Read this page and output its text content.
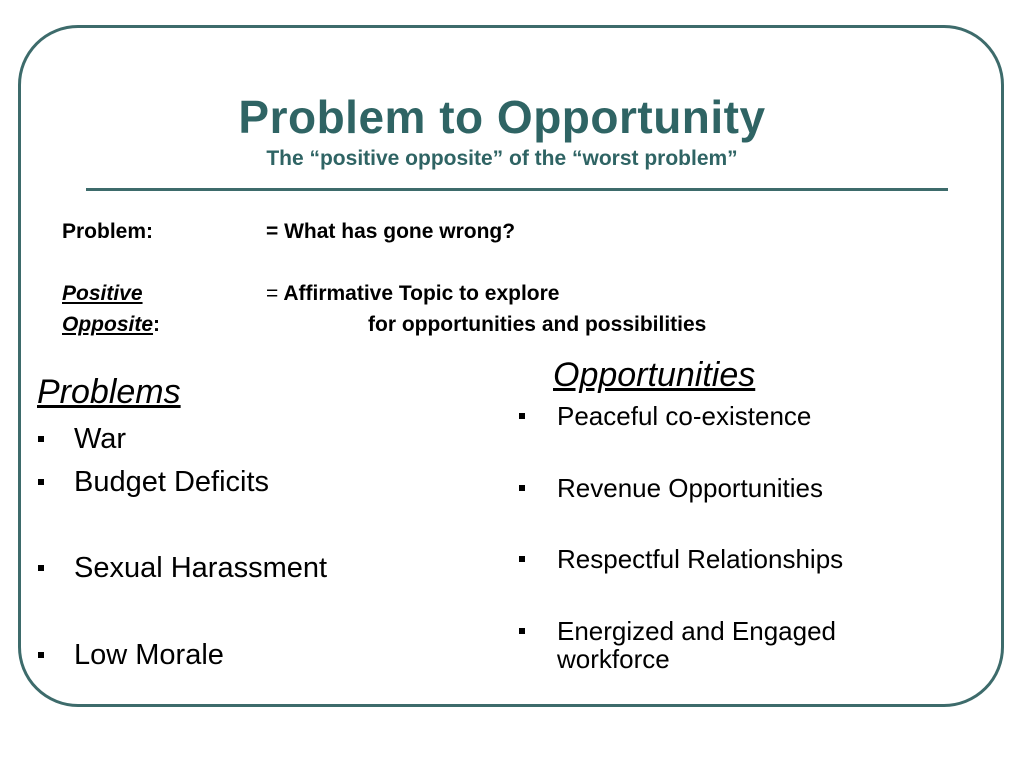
Problem to Opportunity
The “positive opposite” of the “worst problem”
Problem:	= What has gone wrong?
Positive
Opposite:
= Affirmative Topic to explore
for opportunities and possibilities
Problems
War
Budget Deficits
Sexual Harassment
Low Morale
Opportunities
Peaceful co-existence
Revenue Opportunities
Respectful Relationships
Energized and Engaged
workforce
